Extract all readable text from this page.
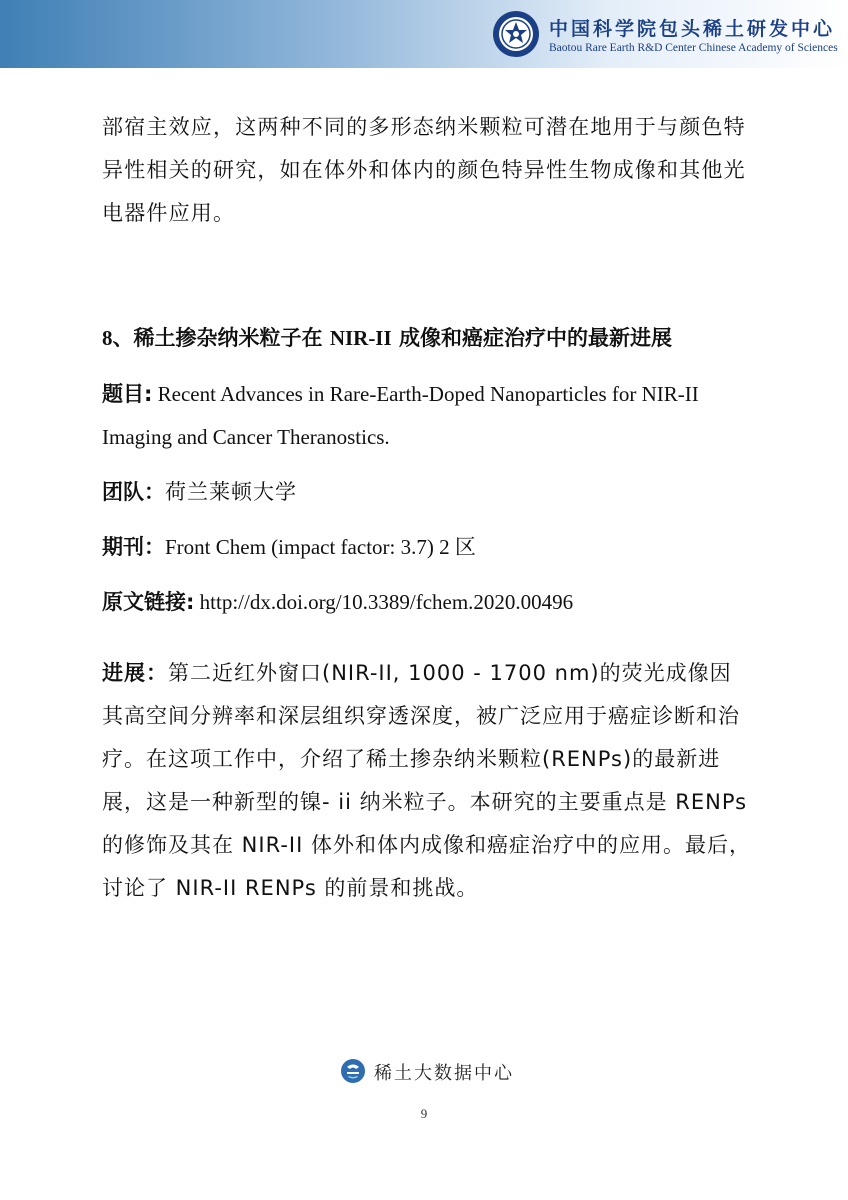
中国科学院包头稀土研发中心
Baotou Rare Earth R&D Center Chinese Academy of Sciences

部宿主效应，这两种不同的多形态纳米颗粒可潜在地用于与颜色特异性相关的研究，如在体外和体内的颜色特异性生物成像和其他光电器件应用。

8、稀土掺杂纳米粒子在 NIR-II 成像和癌症治疗中的最新进展
题目: Recent Advances in Rare-Earth-Doped Nanoparticles for NIR-II Imaging and Cancer Theranostics.
团队：荷兰莱顿大学
期刊：Front Chem (impact factor: 3.7) 2 区
原文链接: http://dx.doi.org/10.3389/fchem.2020.00496
进展：第二近红外窗口(NIR-II, 1000 - 1700 nm)的荧光成像因其高空间分辨率和深层组织穿透深度，被广泛应用于癌症诊断和治疗。在这项工作中，介绍了稀土掺杂纳米颗粒(RENPs)的最新进展，这是一种新型的镍- ii 纳米粒子。本研究的主要重点是 RENPs 的修饰及其在 NIR-II 体外和体内成像和癌症治疗中的应用。最后，讨论了 NIR-II RENPs 的前景和挑战。
稀土大数据中心
9
